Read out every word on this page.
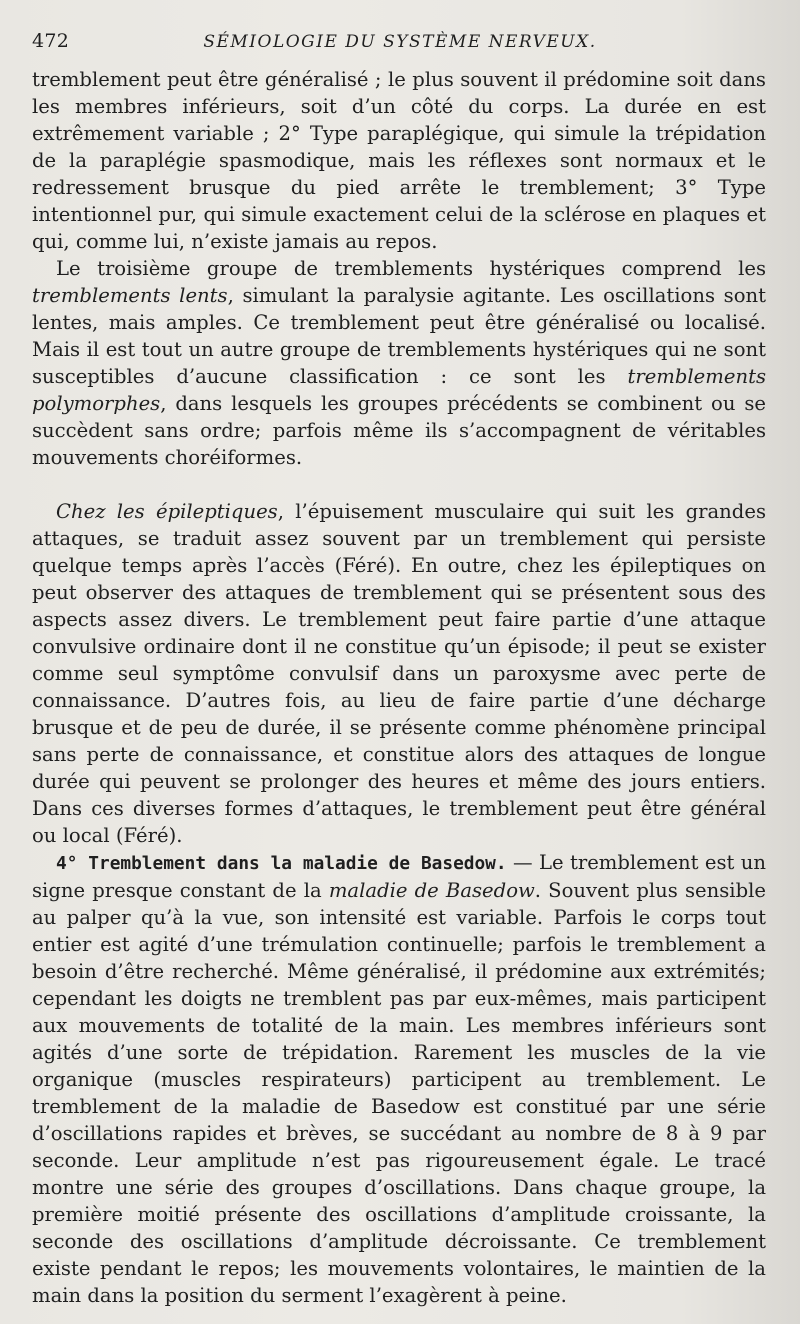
472	SÉMIOLOGIE DU SYSTÈME NERVEUX.

tremblement peut être généralisé ; le plus souvent il prédomine soit dans les membres inférieurs, soit d’un côté du corps. La durée en est extrêmement variable ; 2° Type paraplégique, qui simule la trépidation de la paraplégie spasmodique, mais les réflexes sont normaux et le redressement brusque du pied arrête le tremblement; 3° Type intentionnel pur, qui simule exactement celui de la sclérose en plaques et qui, comme lui, n’existe jamais au repos.

Le troisième groupe de tremblements hystériques comprend les tremblements lents, simulant la paralysie agitante. Les oscillations sont lentes, mais amples. Ce tremblement peut être généralisé ou localisé. Mais il est tout un autre groupe de tremblements hystériques qui ne sont susceptibles d’aucune classification : ce sont les tremblements polymorphes, dans lesquels les groupes précédents se combinent ou se succèdent sans ordre; parfois même ils s’accompagnent de véritables mouvements choréiformes.

Chez les épileptiques, l’épuisement musculaire qui suit les grandes attaques, se traduit assez souvent par un tremblement qui persiste quelque temps après l’accès (Féré). En outre, chez les épileptiques on peut observer des attaques de tremblement qui se présentent sous des aspects assez divers. Le tremblement peut faire partie d’une attaque convulsive ordinaire dont il ne constitue qu’un épisode; il peut se exister comme seul symptôme convulsif dans un paroxysme avec perte de connaissance. D’autres fois, au lieu de faire partie d’une décharge brusque et de peu de durée, il se présente comme phénomène principal sans perte de connaissance, et constitue alors des attaques de longue durée qui peuvent se prolonger des heures et même des jours entiers. Dans ces diverses formes d’attaques, le tremblement peut être général ou local (Féré).

4° Tremblement dans la maladie de Basedow. — Le tremblement est un signe presque constant de la maladie de Basedow. Souvent plus sensible au palper qu’à la vue, son intensité est variable. Parfois le corps tout entier est agité d’une trémulation continuelle; parfois le tremblement a besoin d’être recherché. Même généralisé, il prédomine aux extrémités; cependant les doigts ne tremblent pas par eux-mêmes, mais participent aux mouvements de totalité de la main. Les membres inférieurs sont agités d’une sorte de trépidation. Rarement les muscles de la vie organique (muscles respirateurs) participent au tremblement. Le tremblement de la maladie de Basedow est constitué par une série d’oscillations rapides et brèves, se succédant au nombre de 8 à 9 par seconde. Leur amplitude n’est pas rigoureusement égale. Le tracé montre une série des groupes d’oscillations. Dans chaque groupe, la première moitié présente des oscillations d’amplitude croissante, la seconde des oscillations d’amplitude décroissante. Ce tremblement existe pendant le repos; les mouvements volontaires, le maintien de la main dans la position du serment l’exagèrent à peine.
